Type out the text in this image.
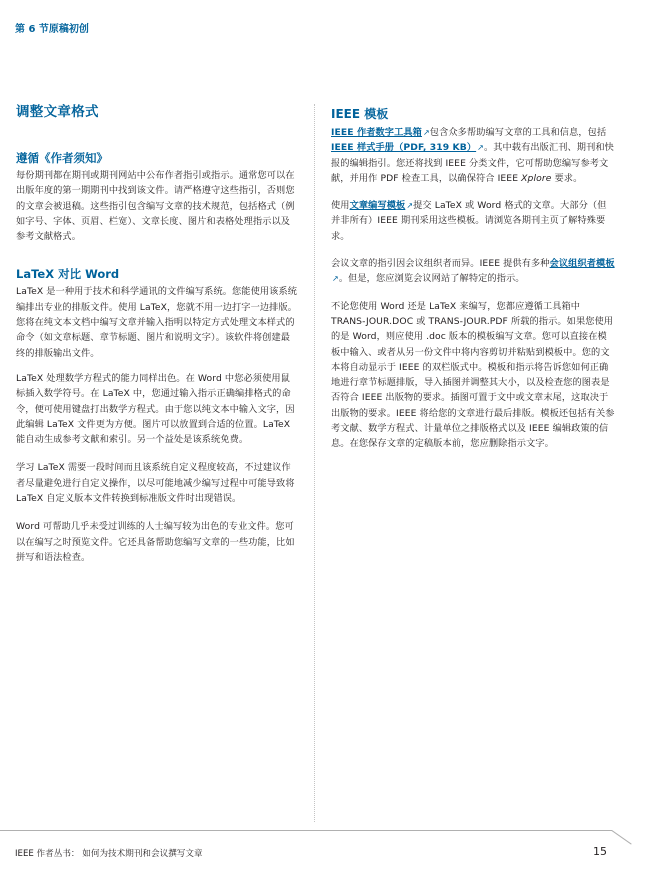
第 6 节原稿初创
调整文章格式
遵循《作者须知》

每份期刊都在期刊或期刊网站中公布作者指引或指示。通常您可以在出版年度的第一期期刊中找到该文件。请严格遵守这些指引，否则您的文章会被退稿。这些指引包含编写文章的技术规范，包括格式（例如字号、字体、页眉、栏宽）、文章长度、图片和表格处理指示以及参考文献格式。

LaTeX 对比 Word

LaTeX 是一种用于技术和科学通讯的文件编写系统。您能使用该系统编排出专业的排版文件。使用 LaTeX，您就不用一边打字一边排版。您将在纯文本文档中编写文章并输入指明以特定方式处理文本样式的命令（如文章标题、章节标题、图片和说明文字）。该软件将创建最终的排版输出文件。

LaTeX 处理数学方程式的能力同样出色。在 Word 中您必须使用鼠标插入数学符号。在 LaTeX 中，您通过输入指示正确编排格式的命令，便可使用键盘打出数学方程式。由于您以纯文本中输入文字，因此编辑 LaTeX 文件更为方便。图片可以放置到合适的位置。LaTeX 能自动生成参考文献和索引。另一个益处是该系统免费。

学习 LaTeX 需要一段时间而且该系统自定义程度较高，不过建议作者尽量避免进行自定义操作，以尽可能地减少编写过程中可能导致将 LaTeX 自定义版本文件转换到标准版文件时出现错误。

Word 可帮助几乎未受过训练的人士编写较为出色的专业文件。您可以在编写之时预览文件。它还具备帮助您编写文章的一些功能，比如拼写和语法检查。

IEEE 模板

IEEE 作者数字工具箱↗包含众多帮助编写文章的工具和信息，包括 IEEE 样式手册（PDF, 319 KB）↗。其中载有出版汇刊、期刊和快报的编辑指引。您还将找到 IEEE 分类文件，它可帮助您编写参考文献，并用作 PDF 检查工具，以确保符合 IEEE Xplore 要求。

使用文章编写模板↗提交 LaTeX 或 Word 格式的文章。大部分（但并非所有）IEEE 期刊采用这些模板。请浏览各期刊主页了解特殊要求。

会议文章的指引因会议组织者而异。IEEE 提供有多种会议组织者模板↗。但是，您应浏览会议网站了解特定的指示。

不论您使用 Word 还是 LaTeX 来编写，您都应遵循工具箱中 TRANS-JOUR.DOC 或 TRANS-JOUR.PDF 所载的指示。如果您使用的是 Word，则应使用 .doc 版本的模板编写文章。您可以直接在模板中输入、或者从另一份文件中将内容剪切并粘贴到模板中。您的文本将自动显示于 IEEE 的双栏版式中。模板和指示将告诉您如何正确地进行章节标题排版，导入插图并调整其大小，以及检查您的图表是否符合 IEEE 出版物的要求。插图可置于文中或文章末尾，这取决于出版物的要求。IEEE 将给您的文章进行最后排版。模板还包括有关参考文献、数学方程式、计量单位之排版格式以及 IEEE 编辑政策的信息。在您保存文章的定稿版本前，您应删除指示文字。

IEEE 作者丛书： 如何为技术期刊和会议撰写文章	15
